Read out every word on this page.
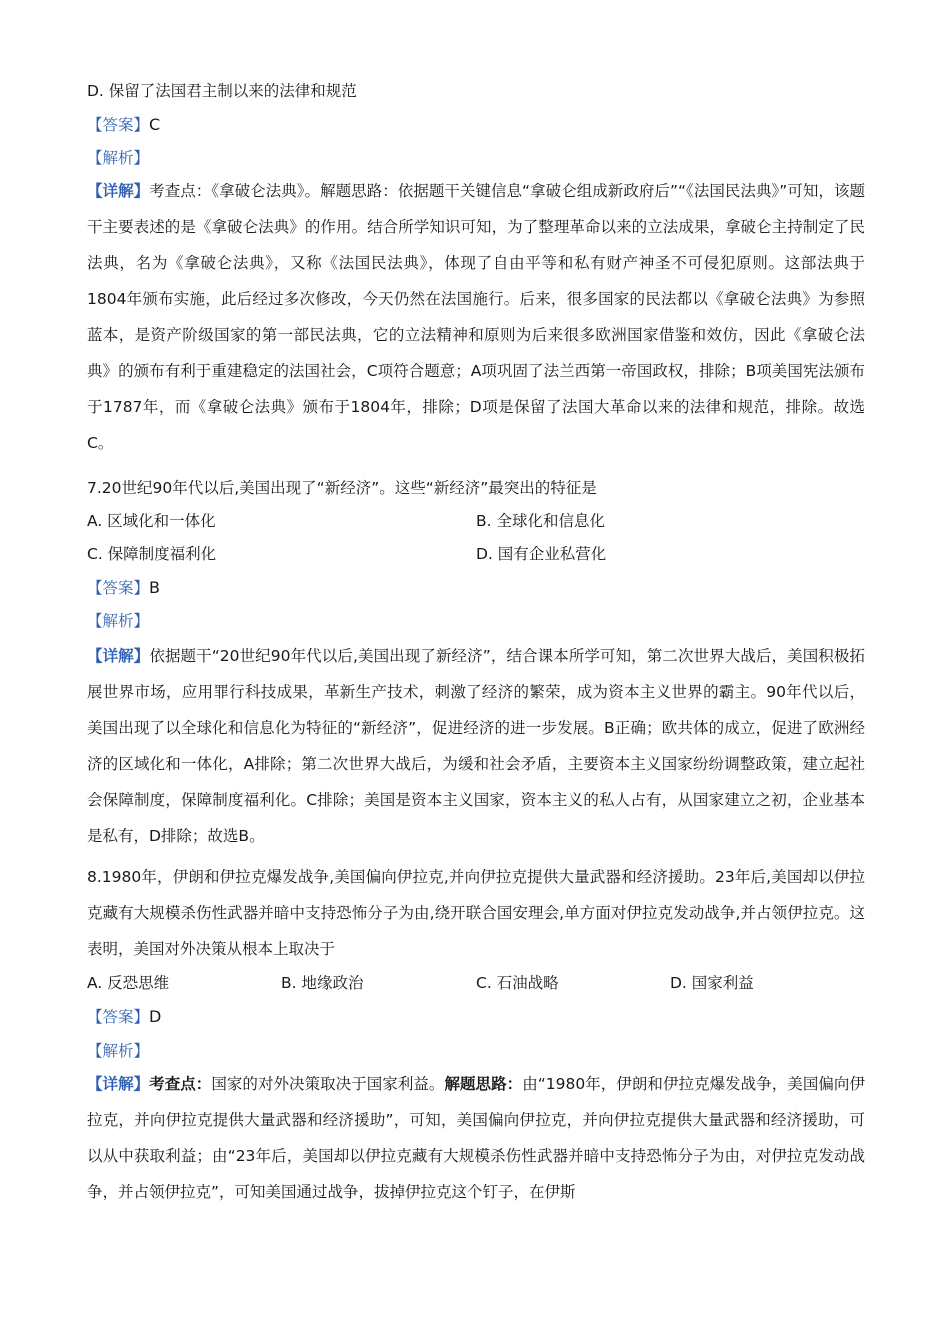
D. 保留了法国君主制以来的法律和规范
【答案】C
【解析】
【详解】考查点：《拿破仑法典》。解题思路：依据题干关键信息“拿破仑组成新政府后”“《法国民法典》”可知，该题干主要表述的是《拿破仑法典》的作用。结合所学知识可知，为了整理革命以来的立法成果，拿破仑主持制定了民法典，名为《拿破仑法典》，又称《法国民法典》，体现了自由平等和私有财产神圣不可侵犯原则。这部法典于1804年颁布实施，此后经过多次修改，今天仍然在法国施行。后来，很多国家的民法都以《拿破仑法典》为参照蓝本，是资产阶级国家的第一部民法典，它的立法精神和原则为后来很多欧洲国家借鉴和效仿，因此《拿破仑法典》的颁布有利于重建稳定的法国社会，C项符合题意；A项巩固了法兰西第一帝国政权，排除；B项美国宪法颁布于1787年，而《拿破仑法典》颁布于1804年，排除；D项是保留了法国大革命以来的法律和规范，排除。故选C。
7.20世纪90年代以后,美国出现了“新经济”。这些“新经济”最突出的特征是
A. 区域化和一体化	B. 全球化和信息化
C. 保障制度福利化	D. 国有企业私营化
【答案】B
【解析】
【详解】依据题干“20世纪90年代以后,美国出现了新经济”，结合课本所学可知，第二次世界大战后，美国积极拓展世界市场，应用罪行科技成果，革新生产技术，刺激了经济的繁荣，成为资本主义世界的霸主。90年代以后，美国出现了以全球化和信息化为特征的“新经济”，促进经济的进一步发展。B正确；欧共体的成立，促进了欧洲经济的区域化和一体化，A排除；第二次世界大战后，为缓和社会矛盾，主要资本主义国家纷纷调整政策，建立起社会保障制度，保障制度福利化。C排除；美国是资本主义国家，资本主义的私人占有，从国家建立之初，企业基本是私有，D排除；故选B。
8.1980年，伊朗和伊拉克爆发战争,美国偏向伊拉克,并向伊拉克提供大量武器和经济援助。23年后,美国却以伊拉克藏有大规模杀伤性武器并暗中支持恐怖分子为由,绕开联合国安理会,单方面对伊拉克发动战争,并占领伊拉克。这表明，美国对外决策从根本上取决于
A. 反恐思维	B. 地缘政治	C. 石油战略	D. 国家利益
【答案】D
【解析】
【详解】考查点：国家的对外决策取决于国家利益。解题思路：由“1980年，伊朗和伊拉克爆发战争，美国偏向伊拉克，并向伊拉克提供大量武器和经济援助”，可知，美国偏向伊拉克，并向伊拉克提供大量武器和经济援助，可以从中获取利益；由“23年后，美国却以伊拉克藏有大规模杀伤性武器并暗中支持恐怖分子为由，对伊拉克发动战争，并占领伊拉克”，可知美国通过战争，拔掉伊拉克这个钉子，在伊斯
